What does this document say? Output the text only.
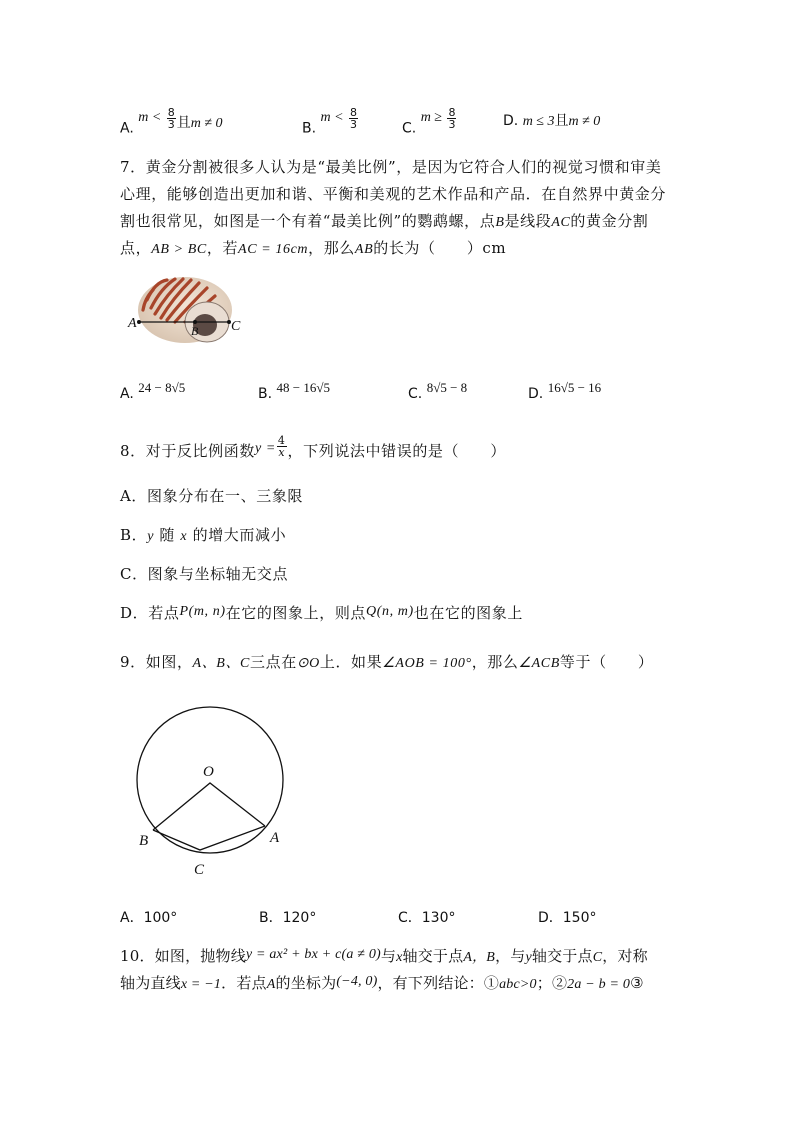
A. $m < \frac{8}{3}$ 且m ≠ 0	B. $m < \frac{8}{3}$	C. $m \ge \frac{8}{3}$	D. m ≤ 3且m ≠ 0
7．黄金分割被很多人认为是“最美比例”，是因为它符合人们的视觉习惯和审美
心理，能够创造出更加和谐、平衡和美观的艺术作品和产品．在自然界中黄金分
割也很常见，如图是一个有着“最美比例”的鹦鹉螺，点B是线段AC的黄金分割
点，AB > BC，若AC = 16cm，那么AB的长为（　　）cm
A	B C
A. 24 − 8√5	B. 48 − 16√5	C. 8√5 − 8	D. 16√5 − 16
8．对于反比例函数$y = \frac{4}{x}$ ，下列说法中错误的是（　　）
A．图象分布在一、三象限
B．y 随 x 的增大而减小
C．图象与坐标轴无交点
D．若点P(m, n)在它的图象上，则点Q(n, m)也在它的图象上
9．如图，A、B、C三点在⊙O上．如果∠AOB = 100°，那么∠ACB等于（　　）
O
A
B
C
A．100°	B．120°	C．130°	D．150°
10．如图，抛物线y = ax² + bx + c(a ≠ 0)与x轴交于点A，B，与y轴交于点C，对称
轴为直线x = −1．若点A的坐标为(−4, 0)，有下列结论：①abc>0；②2a − b = 0③
